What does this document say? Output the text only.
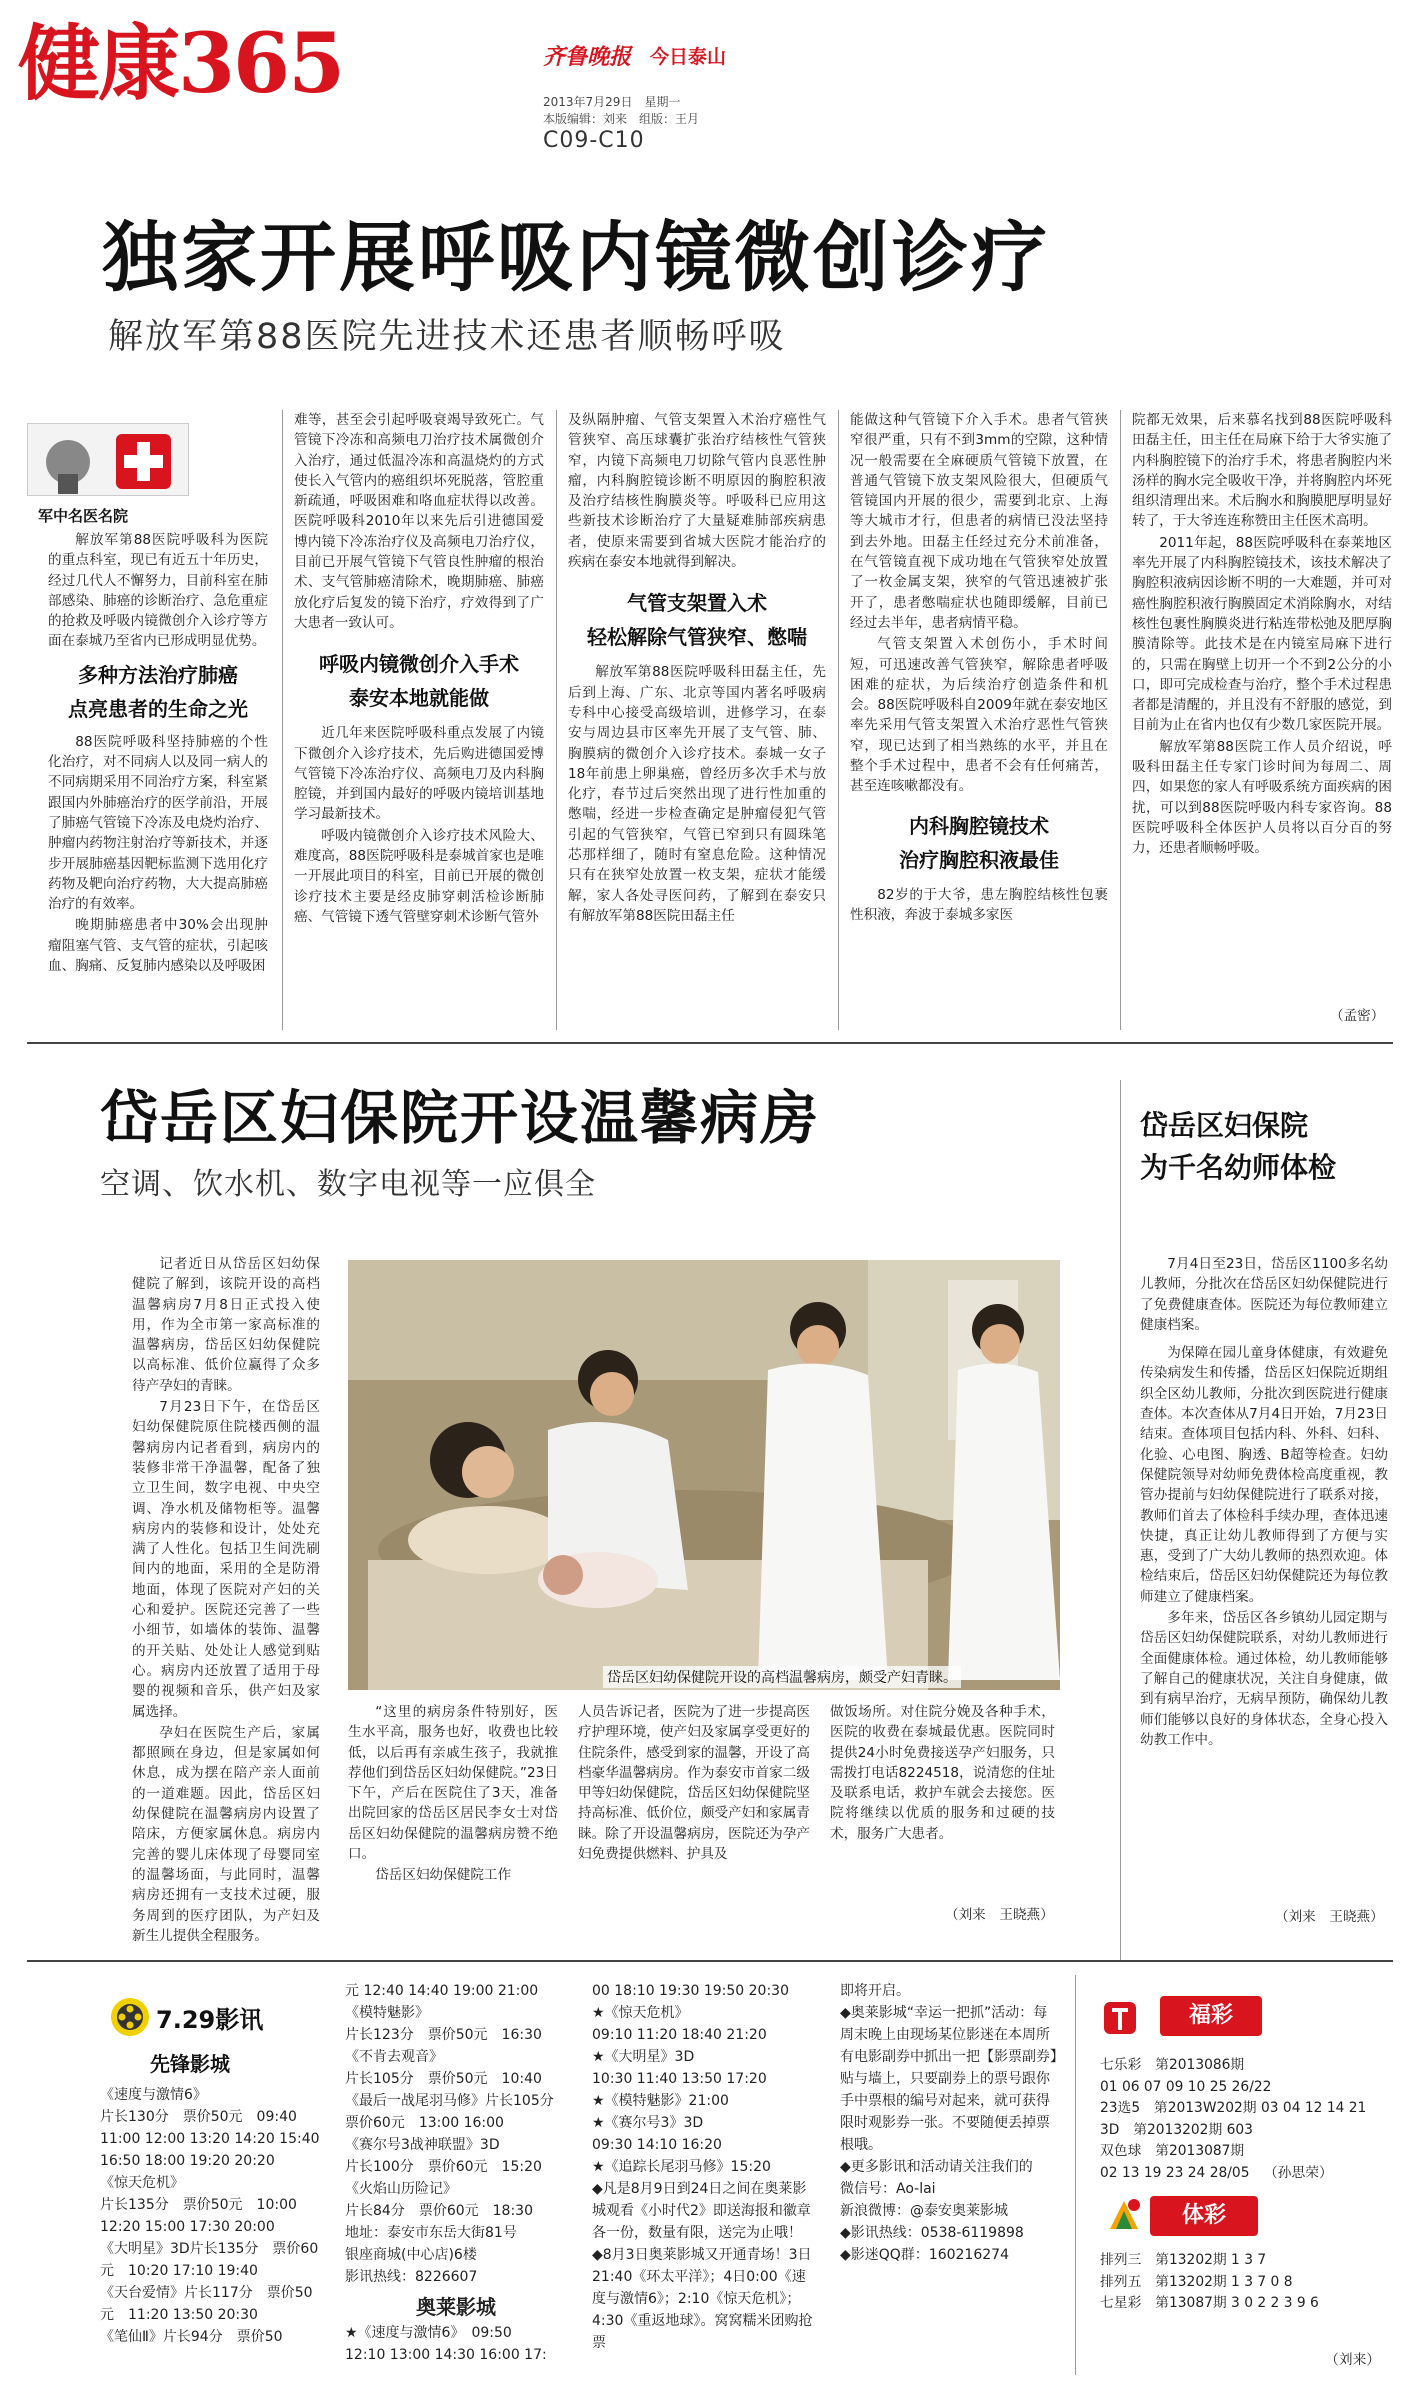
健康365	齐鲁晚报 今日泰山
2013年7月29日　星期一
本版编辑：刘来　组版：王月
C09-C10
独家开展呼吸内镜微创诊疗
解放军第88医院先进技术还患者顺畅呼吸
军中名医名院

解放军第88医院呼吸科为医院的重点科室，现已有近五十年历史，经过几代人不懈努力，目前科室在肺部感染、肺癌的诊断治疗、急危重症的抢救及呼吸内镜微创介入诊疗等方面在泰城乃至省内已形成明显优势。

多种方法治疗肺癌
点亮患者的生命之光

88医院呼吸科坚持肺癌的个性化治疗，对不同病人以及同一病人的不同病期采用不同治疗方案，科室紧跟国内外肺癌治疗的医学前沿，开展了肺癌气管镜下冷冻及电烧灼治疗、肿瘤内药物注射治疗等新技术，并逐步开展肺癌基因靶标监测下选用化疗药物及靶向治疗药物，大大提高肺癌治疗的有效率。

晚期肺癌患者中30%会出现肿瘤阻塞气管、支气管的症状，引起咳血、胸痛、反复肺内感染以及呼吸困

难等，甚至会引起呼吸衰竭导致死亡。气管镜下冷冻和高频电刀治疗技术属微创介入治疗，通过低温冷冻和高温烧灼的方式使长入气管内的癌组织坏死脱落，管腔重新疏通，呼吸困难和咯血症状得以改善。医院呼吸科2010年以来先后引进德国爱博内镜下冷冻治疗仪及高频电刀治疗仪，目前已开展气管镜下气管良性肿瘤的根治术、支气管肺癌清除术，晚期肺癌、肺癌放化疗后复发的镜下治疗，疗效得到了广大患者一致认可。

呼吸内镜微创介入手术
泰安本地就能做

近几年来医院呼吸科重点发展了内镜下微创介入诊疗技术，先后购进德国爱博气管镜下冷冻治疗仪、高频电刀及内科胸腔镜，并到国内最好的呼吸内镜培训基地学习最新技术。

呼吸内镜微创介入诊疗技术风险大、难度高，88医院呼吸科是泰城首家也是唯一开展此项目的科室，目前已开展的微创诊疗技术主要是经皮肺穿刺活检诊断肺癌、气管镜下透气管壁穿刺术诊断气管外

及纵隔肿瘤、气管支架置入术治疗癌性气管狭窄、高压球囊扩张治疗结核性气管狭窄，内镜下高频电刀切除气管内良恶性肿瘤，内科胸腔镜诊断不明原因的胸腔积液及治疗结核性胸膜炎等。呼吸科已应用这些新技术诊断治疗了大量疑难肺部疾病患者，使原来需要到省城大医院才能治疗的疾病在泰安本地就得到解决。

气管支架置入术
轻松解除气管狭窄、憋喘

解放军第88医院呼吸科田磊主任，先后到上海、广东、北京等国内著名呼吸病专科中心接受高级培训，进修学习，在泰安与周边县市区率先开展了支气管、肺、胸膜病的微创介入诊疗技术。泰城一女子18年前患上卵巢癌，曾经历多次手术与放化疗，春节过后突然出现了进行性加重的憋喘，经进一步检查确定是肿瘤侵犯气管引起的气管狭窄，气管已窄到只有圆珠笔芯那样细了，随时有窒息危险。这种情况只有在狭窄处放置一枚支架，症状才能缓解，家人各处寻医问药，了解到在泰安只有解放军第88医院田磊主任

能做这种气管镜下介入手术。患者气管狭窄很严重，只有不到3mm的空隙，这种情况一般需要在全麻硬质气管镜下放置，在普通气管镜下放支架风险很大，但硬质气管镜国内开展的很少，需要到北京、上海等大城市才行，但患者的病情已没法坚持到去外地。田磊主任经过充分术前准备，在气管镜直视下成功地在气管狭窄处放置了一枚金属支架，狭窄的气管迅速被扩张开了，患者憋喘症状也随即缓解，目前已经过去半年，患者病情平稳。

气管支架置入术创伤小，手术时间短，可迅速改善气管狭窄，解除患者呼吸困难的症状，为后续治疗创造条件和机会。88医院呼吸科自2009年就在泰安地区率先采用气管支架置入术治疗恶性气管狭窄，现已达到了相当熟练的水平，并且在整个手术过程中，患者不会有任何痛苦，甚至连咳嗽都没有。

内科胸腔镜技术
治疗胸腔积液最佳

82岁的于大爷，患左胸腔结核性包裹性积液，奔波于泰城多家医

院都无效果，后来慕名找到88医院呼吸科田磊主任，田主任在局麻下给于大爷实施了内科胸腔镜下的治疗手术，将患者胸腔内米汤样的胸水完全吸收干净，并将胸腔内坏死组织清理出来。术后胸水和胸膜肥厚明显好转了，于大爷连连称赞田主任医术高明。

2011年起，88医院呼吸科在泰莱地区率先开展了内科胸腔镜技术，该技术解决了胸腔积液病因诊断不明的一大难题，并可对癌性胸腔积液行胸膜固定术消除胸水，对结核性包裹性胸膜炎进行粘连带松弛及肥厚胸膜清除等。此技术是在内镜室局麻下进行的，只需在胸壁上切开一个不到2公分的小口，即可完成检查与治疗，整个手术过程患者都是清醒的，并且没有不舒服的感觉，到目前为止在省内也仅有少数几家医院开展。

解放军第88医院工作人员介绍说，呼吸科田磊主任专家门诊时间为每周二、周四，如果您的家人有呼吸系统方面疾病的困扰，可以到88医院呼吸内科专家咨询。88医院呼吸科全体医护人员将以百分百的努力，还患者顺畅呼吸。

（孟密）
岱岳区妇保院开设温馨病房
空调、饮水机、数字电视等一应俱全

记者近日从岱岳区妇幼保健院了解到，该院开设的高档温馨病房7月8日正式投入使用，作为全市第一家高标准的温馨病房，岱岳区妇幼保健院以高标准、低价位赢得了众多待产孕妇的青睐。

7月23日下午，在岱岳区妇幼保健院原住院楼西侧的温馨病房内记者看到，病房内的装修非常干净温馨，配备了独立卫生间，数字电视、中央空调、净水机及储物柜等。温馨病房内的装修和设计，处处充满了人性化。包括卫生间洗刷间内的地面，采用的全是防滑地面，体现了医院对产妇的关心和爱护。医院还完善了一些小细节，如墙体的装饰、温馨的开关贴、处处让人感觉到贴心。病房内还放置了适用于母婴的视频和音乐，供产妇及家属选择。

孕妇在医院生产后，家属都照顾在身边，但是家属如何休息，成为摆在陪产亲人面前的一道难题。因此，岱岳区妇幼保健院在温馨病房内设置了陪床，方便家属休息。病房内完善的婴儿床体现了母婴同室的温馨场面，与此同时，温馨病房还拥有一支技术过硬，服务周到的医疗团队，为产妇及新生儿提供全程服务。

岱岳区妇幼保健院开设的高档温馨病房，颇受产妇青睐。

“这里的病房条件特别好，医生水平高，服务也好，收费也比较低，以后再有亲戚生孩子，我就推荐他们到岱岳区妇幼保健院。”23日下午，产后在医院住了3天，准备出院回家的岱岳区居民李女士对岱岳区妇幼保健院的温馨病房赞不绝口。

岱岳区妇幼保健院工作

人员告诉记者，医院为了进一步提高医疗护理环境，使产妇及家属享受更好的住院条件，感受到家的温馨，开设了高档豪华温馨病房。作为泰安市首家二级甲等妇幼保健院，岱岳区妇幼保健院坚持高标准、低价位，颇受产妇和家属青睐。除了开设温馨病房，医院还为孕产妇免费提供燃料、护具及

做饭场所。对住院分娩及各种手术，医院的收费在泰城最优惠。医院同时提供24小时免费接送孕产妇服务，只需拨打电话8224518，说清您的住址及联系电话，救护车就会去接您。医院将继续以优质的服务和过硬的技术，服务广大患者。

（刘来　王晓燕）
岱岳区妇保院
为千名幼师体检

7月4日至23日，岱岳区1100多名幼儿教师，分批次在岱岳区妇幼保健院进行了免费健康查体。医院还为每位教师建立健康档案。

为保障在园儿童身体健康，有效避免传染病发生和传播，岱岳区妇保院近期组织全区幼儿教师，分批次到医院进行健康查体。本次查体从7月4日开始，7月23日结束。查体项目包括内科、外科、妇科、化验、心电图、胸透、B超等检查。妇幼保健院领导对幼师免费体检高度重视，教管办提前与妇幼保健院进行了联系对接，教师们首去了体检科手续办理，查体迅速快捷，真正让幼儿教师得到了方便与实惠，受到了广大幼儿教师的热烈欢迎。体检结束后，岱岳区妇幼保健院还为每位教师建立了健康档案。

多年来，岱岳区各乡镇幼儿园定期与岱岳区妇幼保健院联系，对幼儿教师进行全面健康体检。通过体检，幼儿教师能够了解自己的健康状况，关注自身健康，做到有病早治疗，无病早预防，确保幼儿教师们能够以良好的身体状态，全身心投入幼教工作中。

（刘来　王晓燕）
7.29影讯
先锋影城

《速度与激情6》

片长130分　票价50元　09:40

11:00 12:00 13:20 14:20 15:40 16:50 18:00 19:20 20:20

《惊天危机》

片长135分　票价50元　10:00 12:20 15:00 17:30 20:00

《大明星》3D片长135分　票价60元　10:20 17:10 19:40

《天台爱情》片长117分　票价50元　11:20 13:50 20:30

《笔仙Ⅱ》片长94分　票价50

元 12:40 14:40 19:00 21:00

《模特魅影》

片长123分　票价50元　16:30

《不肯去观音》

片长105分　票价50元　10:40

《最后一战尾羽马修》片长105分　票价60元　13:00 16:00

《赛尔号3战神联盟》3D

片长100分　票价60元　15:20

《火焰山历险记》

片长84分　票价60元　18:30

地址：泰安市东岳大街81号

银座商城(中心店)6楼

影讯热线：8226607

奥莱影城

★《速度与激情6》　09:50

12:10 13:00 14:30 16:00 17:

00 18:10 19:30 19:50 20:30

★《惊天危机》

09:10 11:20 18:40 21:20

★《大明星》3D

10:30 11:40 13:50 17:20

★《模特魅影》21:00

★《赛尔号3》3D

09:30 14:10 16:20

★《追踪长尾羽马修》15:20

◆凡是8月9日到24日之间在奥莱影城观看《小时代2》即送海报和徽章各一份，数量有限，送完为止哦！

◆8月3日奥莱影城又开通青场！3日21:40《环太平洋》；4日0:00《速度与激情6》；2:10《惊天危机》；4:30《重返地球》。窝窝糯米团购抢票

即将开启。

◆奥莱影城“幸运一把抓”活动：每周末晚上由现场某位影迷在本周所有电影副券中抓出一把【影票副券】贴与墙上，只要副券上的票号跟你手中票根的编号对起来，就可获得限时观影券一张。不要随便丢掉票根哦。

◆更多影讯和活动请关注我们的

微信号：Ao-lai

新浪微博：@泰安奥莱影城

◆影讯热线：0538-6119898

◆影迷QQ群：160216274

福彩
七乐彩　第2013086期
01 06 07 09 10 25 26/22
23选5　第2013W202期 03 04 12 14 21
3D　第2013202期 603
双色球　第2013087期
02 13 19 23 24 28/05 （孙思荣）
体彩
排列三　第13202期 1 3 7
排列五　第13202期 1 3 7 0 8
七星彩　第13087期 3 0 2 2 3 9 6
（刘来）
